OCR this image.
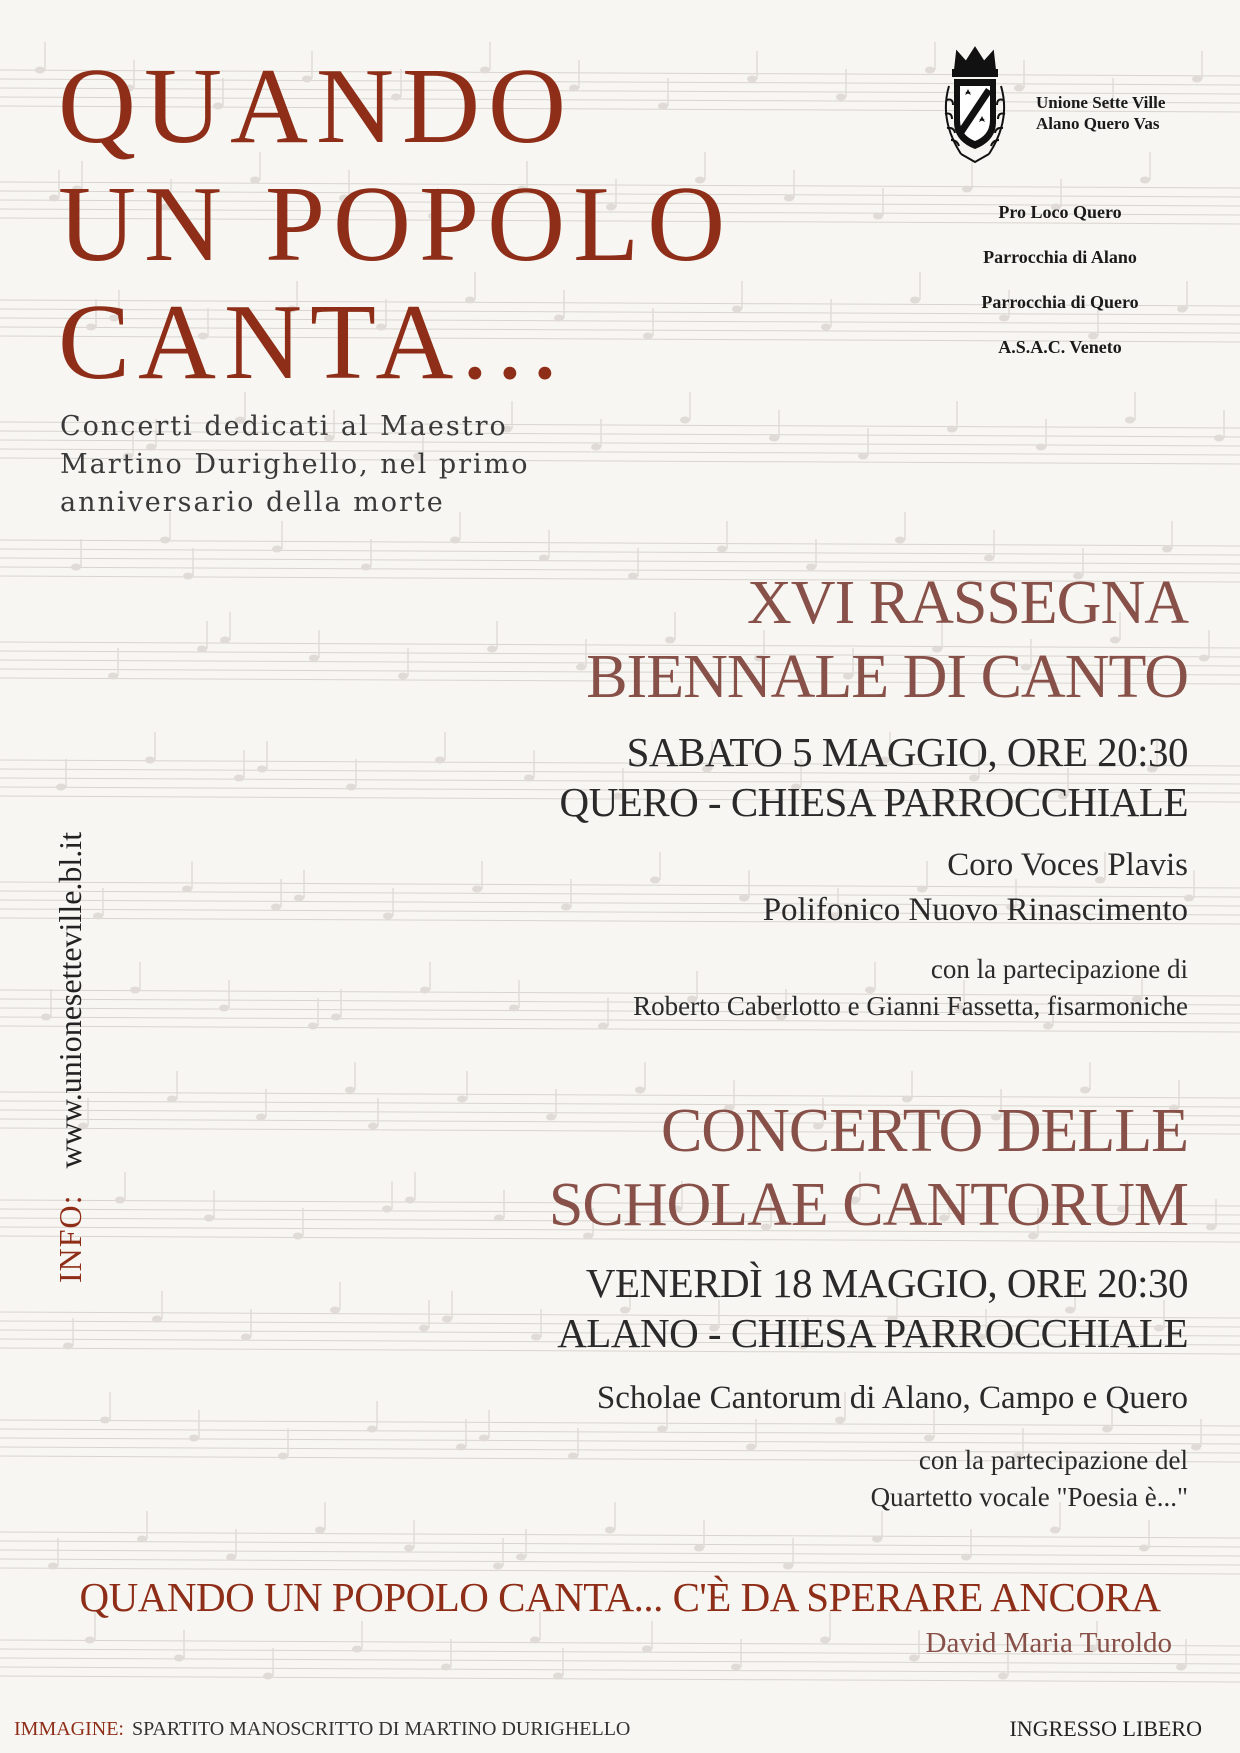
QUANDO
UN POPOLO
CANTA...
Concerti dedicati al Maestro
Martino Durighello, nel primo
anniversario della morte
Unione Sette Ville
Alano Quero Vas
Pro Loco Quero
Parrocchia di Alano
Parrocchia di Quero
A.S.A.C. Veneto
INFO: www.unionesetteville.bl.it
XVI RASSEGNA
BIENNALE DI CANTO
SABATO 5 MAGGIO, ORE 20:30
QUERO - CHIESA PARROCCHIALE
Coro Voces Plavis
Polifonico Nuovo Rinascimento
con la partecipazione di
Roberto Caberlotto e Gianni Fassetta, fisarmoniche
CONCERTO DELLE
SCHOLAE CANTORUM
VENERDÌ 18 MAGGIO, ORE 20:30
ALANO - CHIESA PARROCCHIALE
Scholae Cantorum di Alano, Campo e Quero
con la partecipazione del
Quartetto vocale "Poesia è..."
QUANDO UN POPOLO CANTA... C'È DA SPERARE ANCORA
David Maria Turoldo
IMMAGINE: SPARTITO MANOSCRITTO DI MARTINO DURIGHELLO	INGRESSO LIBERO
